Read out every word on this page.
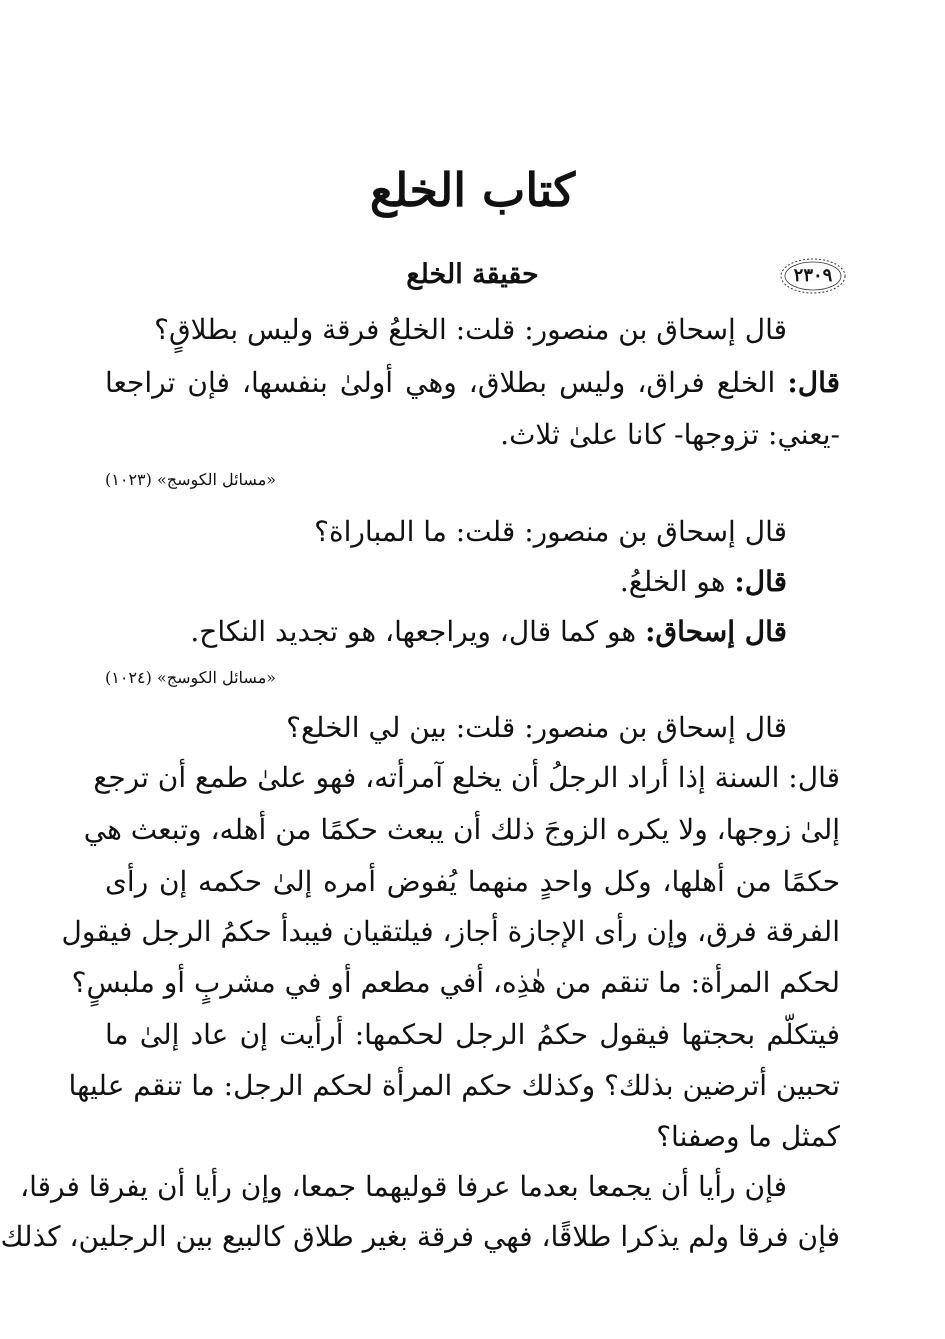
كتاب الخلع
حقيقة الخلع	٢٣٠٩
قال إسحاق بن منصور: قلت: الخلعُ فرقة وليس بطلاقٍ؟
قال: الخلع فراق، وليس بطلاق، وهي أولىٰ بنفسها، فإن تراجعا
-يعني: تزوجها- كانا علىٰ ثلاث.
«مسائل الكوسج» (١٠٢٣)
قال إسحاق بن منصور: قلت: ما المباراة؟
قال: هو الخلعُ.
قال إسحاق: هو كما قال، ويراجعها، هو تجديد النكاح.
«مسائل الكوسج» (١٠٢٤)
قال إسحاق بن منصور: قلت: بين لي الخلع؟
قال: السنة إذا أراد الرجلُ أن يخلع آمرأته، فهو علىٰ طمع أن ترجع
إلىٰ زوجها، ولا يكره الزوجَ ذلك أن يبعث حكمًا من أهله، وتبعث هي
حكمًا من أهلها، وكل واحدٍ منهما يُفوض أمره إلىٰ حكمه إن رأى
الفرقة فرق، وإن رأى الإجازة أجاز، فيلتقيان فيبدأ حكمُ الرجل فيقول
لحكم المرأة: ما تنقم من هٰذِه، أفي مطعم أو في مشربٍ أو ملبسٍ؟
فيتكلّم بحجتها فيقول حكمُ الرجل لحكمها: أرأيت إن عاد إلىٰ ما
تحبين أترضين بذلك؟ وكذلك حكم المرأة لحكم الرجل: ما تنقم عليها
كمثل ما وصفنا؟
فإن رأيا أن يجمعا بعدما عرفا قوليهما جمعا، وإن رأيا أن يفرقا فرقا،
فإن فرقا ولم يذكرا طلاقًا، فهي فرقة بغير طلاق كالبيع بين الرجلين، كذلك
